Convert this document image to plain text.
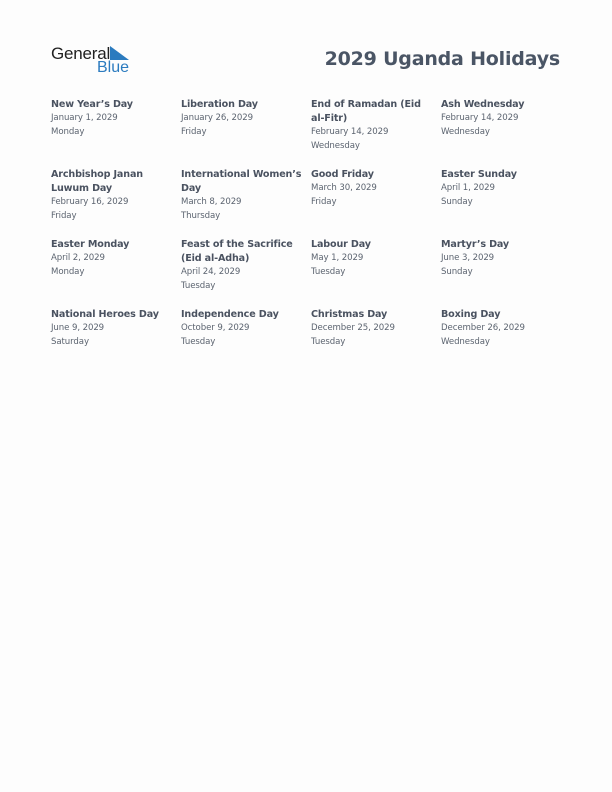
General
Blue	2029 Uganda Holidays
New Year’s Day
January 1, 2029
Monday
Liberation Day
January 26, 2029
Friday
End of Ramadan (Eid al-Fitr)
February 14, 2029
Wednesday
Ash Wednesday
February 14, 2029
Wednesday
Archbishop Janan Luwum Day
February 16, 2029
Friday
International Women’s Day
March 8, 2029
Thursday
Good Friday
March 30, 2029
Friday
Easter Sunday
April 1, 2029
Sunday
Easter Monday
April 2, 2029
Monday
Feast of the Sacrifice (Eid al-Adha)
April 24, 2029
Tuesday
Labour Day
May 1, 2029
Tuesday
Martyr’s Day
June 3, 2029
Sunday
National Heroes Day
June 9, 2029
Saturday
Independence Day
October 9, 2029
Tuesday
Christmas Day
December 25, 2029
Tuesday
Boxing Day
December 26, 2029
Wednesday
